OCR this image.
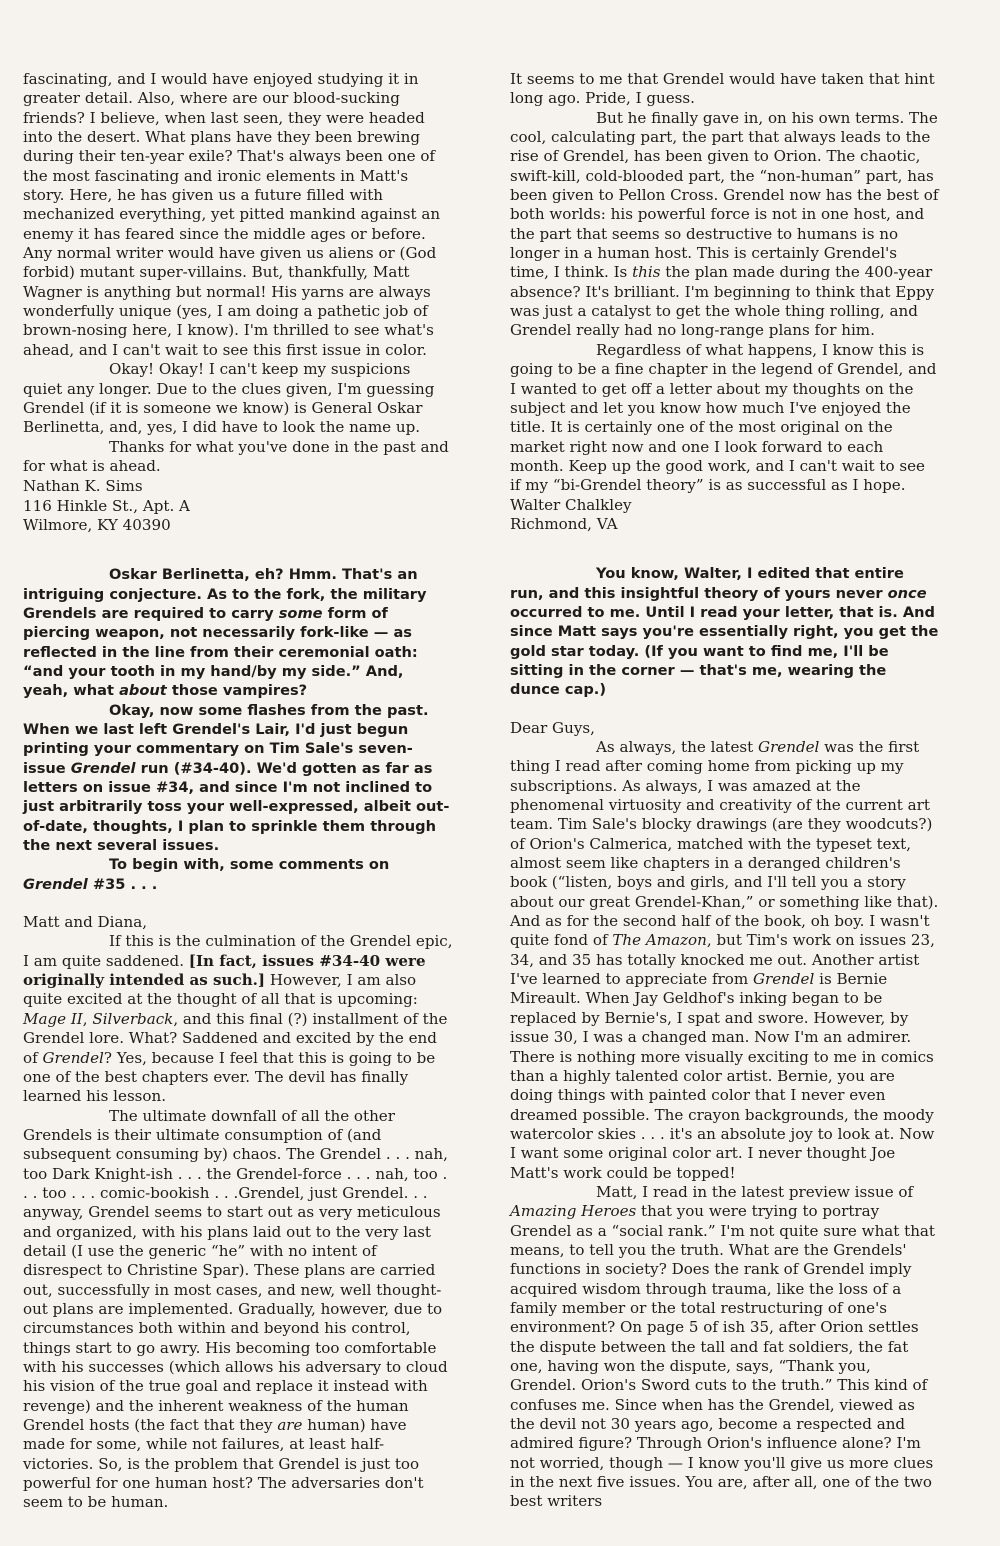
fascinating, and I would have enjoyed studying it in greater detail. Also, where are our blood-sucking friends? I believe, when last seen, they were headed into the desert. What plans have they been brewing during their ten-year exile? That's always been one of the most fascinating and ironic elements in Matt's story. Here, he has given us a future filled with mechanized everything, yet pitted mankind against an enemy it has feared since the middle ages or before. Any normal writer would have given us aliens or (God forbid) mutant super-villains. But, thankfully, Matt Wagner is anything but normal! His yarns are always wonderfully unique (yes, I am doing a pathetic job of brown-nosing here, I know). I'm thrilled to see what's ahead, and I can't wait to see this first issue in color.

Okay! Okay! I can't keep my suspicions quiet any longer. Due to the clues given, I'm guessing Grendel (if it is someone we know) is General Oskar Berlinetta, and, yes, I did have to look the name up.

Thanks for what you've done in the past and for what is ahead.

Nathan K. Sims

116 Hinkle St., Apt. A

Wilmore, KY 40390

Oskar Berlinetta, eh? Hmm. That's an intriguing conjecture. As to the fork, the military Grendels are required to carry some form of piercing weapon, not necessarily fork-like — as reflected in the line from their ceremonial oath: “and your tooth in my hand/by my side.” And, yeah, what about those vampires?

Okay, now some flashes from the past. When we last left Grendel's Lair, I'd just begun printing your commentary on Tim Sale's seven-issue Grendel run (#34-40). We'd gotten as far as letters on issue #34, and since I'm not inclined to just arbitrarily toss your well-expressed, albeit out-of-date, thoughts, I plan to sprinkle them through the next several issues.

To begin with, some comments on Grendel #35 . . .

Matt and Diana,

If this is the culmination of the Grendel epic, I am quite saddened. [In fact, issues #34-40 were originally intended as such.] However, I am also quite excited at the thought of all that is upcoming: Mage II, Silverback, and this final (?) installment of the Grendel lore. What? Saddened and excited by the end of Grendel? Yes, because I feel that this is going to be one of the best chapters ever. The devil has finally learned his lesson.

The ultimate downfall of all the other Grendels is their ultimate consumption of (and subsequent consuming by) chaos. The Grendel . . . nah, too Dark Knight-ish . . . the Grendel-force . . . nah, too . . . too . . . comic-bookish . . .Grendel, just Grendel. . . anyway, Grendel seems to start out as very meticulous and organized, with his plans laid out to the very last detail (I use the generic “he” with no intent of disrespect to Christine Spar). These plans are carried out, successfully in most cases, and new, well thought-out plans are implemented. Gradually, however, due to circumstances both within and beyond his control, things start to go awry. His becoming too comfortable with his successes (which allows his adversary to cloud his vision of the true goal and replace it instead with revenge) and the inherent weakness of the human Grendel hosts (the fact that they are human) have made for some, while not failures, at least half-victories. So, is the problem that Grendel is just too powerful for one human host? The adversaries don't seem to be human.

It seems to me that Grendel would have taken that hint long ago. Pride, I guess.

But he finally gave in, on his own terms. The cool, calculating part, the part that always leads to the rise of Grendel, has been given to Orion. The chaotic, swift-kill, cold-blooded part, the “non-human” part, has been given to Pellon Cross. Grendel now has the best of both worlds: his powerful force is not in one host, and the part that seems so destructive to humans is no longer in a human host. This is certainly Grendel's time, I think. Is this the plan made during the 400-year absence? It's brilliant. I'm beginning to think that Eppy was just a catalyst to get the whole thing rolling, and Grendel really had no long-range plans for him.

Regardless of what happens, I know this is going to be a fine chapter in the legend of Grendel, and I wanted to get off a letter about my thoughts on the subject and let you know how much I've enjoyed the title. It is certainly one of the most original on the market right now and one I look forward to each month. Keep up the good work, and I can't wait to see if my “bi-Grendel theory” is as successful as I hope.

Walter Chalkley

Richmond, VA

You know, Walter, I edited that entire run, and this insightful theory of yours never once occurred to me. Until I read your letter, that is. And since Matt says you're essentially right, you get the gold star today. (If you want to find me, I'll be sitting in the corner — that's me, wearing the dunce cap.)

Dear Guys,

As always, the latest Grendel was the first thing I read after coming home from picking up my subscriptions. As always, I was amazed at the phenomenal virtuosity and creativity of the current art team. Tim Sale's blocky drawings (are they woodcuts?) of Orion's Calmerica, matched with the typeset text, almost seem like chapters in a deranged children's book (“listen, boys and girls, and I'll tell you a story about our great Grendel-Khan,” or something like that). And as for the second half of the book, oh boy. I wasn't quite fond of The Amazon, but Tim's work on issues 23, 34, and 35 has totally knocked me out. Another artist I've learned to appreciate from Grendel is Bernie Mireault. When Jay Geldhof's inking began to be replaced by Bernie's, I spat and swore. However, by issue 30, I was a changed man. Now I'm an admirer. There is nothing more visually exciting to me in comics than a highly talented color artist. Bernie, you are doing things with painted color that I never even dreamed possible. The crayon backgrounds, the moody watercolor skies . . . it's an absolute joy to look at. Now I want some original color art. I never thought Joe Matt's work could be topped!

Matt, I read in the latest preview issue of Amazing Heroes that you were trying to portray Grendel as a “social rank.” I'm not quite sure what that means, to tell you the truth. What are the Grendels' functions in society? Does the rank of Grendel imply acquired wisdom through trauma, like the loss of a family member or the total restructuring of one's environment? On page 5 of ish 35, after Orion settles the dispute between the tall and fat soldiers, the fat one, having won the dispute, says, “Thank you, Grendel. Orion's Sword cuts to the truth.” This kind of confuses me. Since when has the Grendel, viewed as the devil not 30 years ago, become a respected and admired figure? Through Orion's influence alone? I'm not worried, though — I know you'll give us more clues in the next five issues. You are, after all, one of the two best writers
